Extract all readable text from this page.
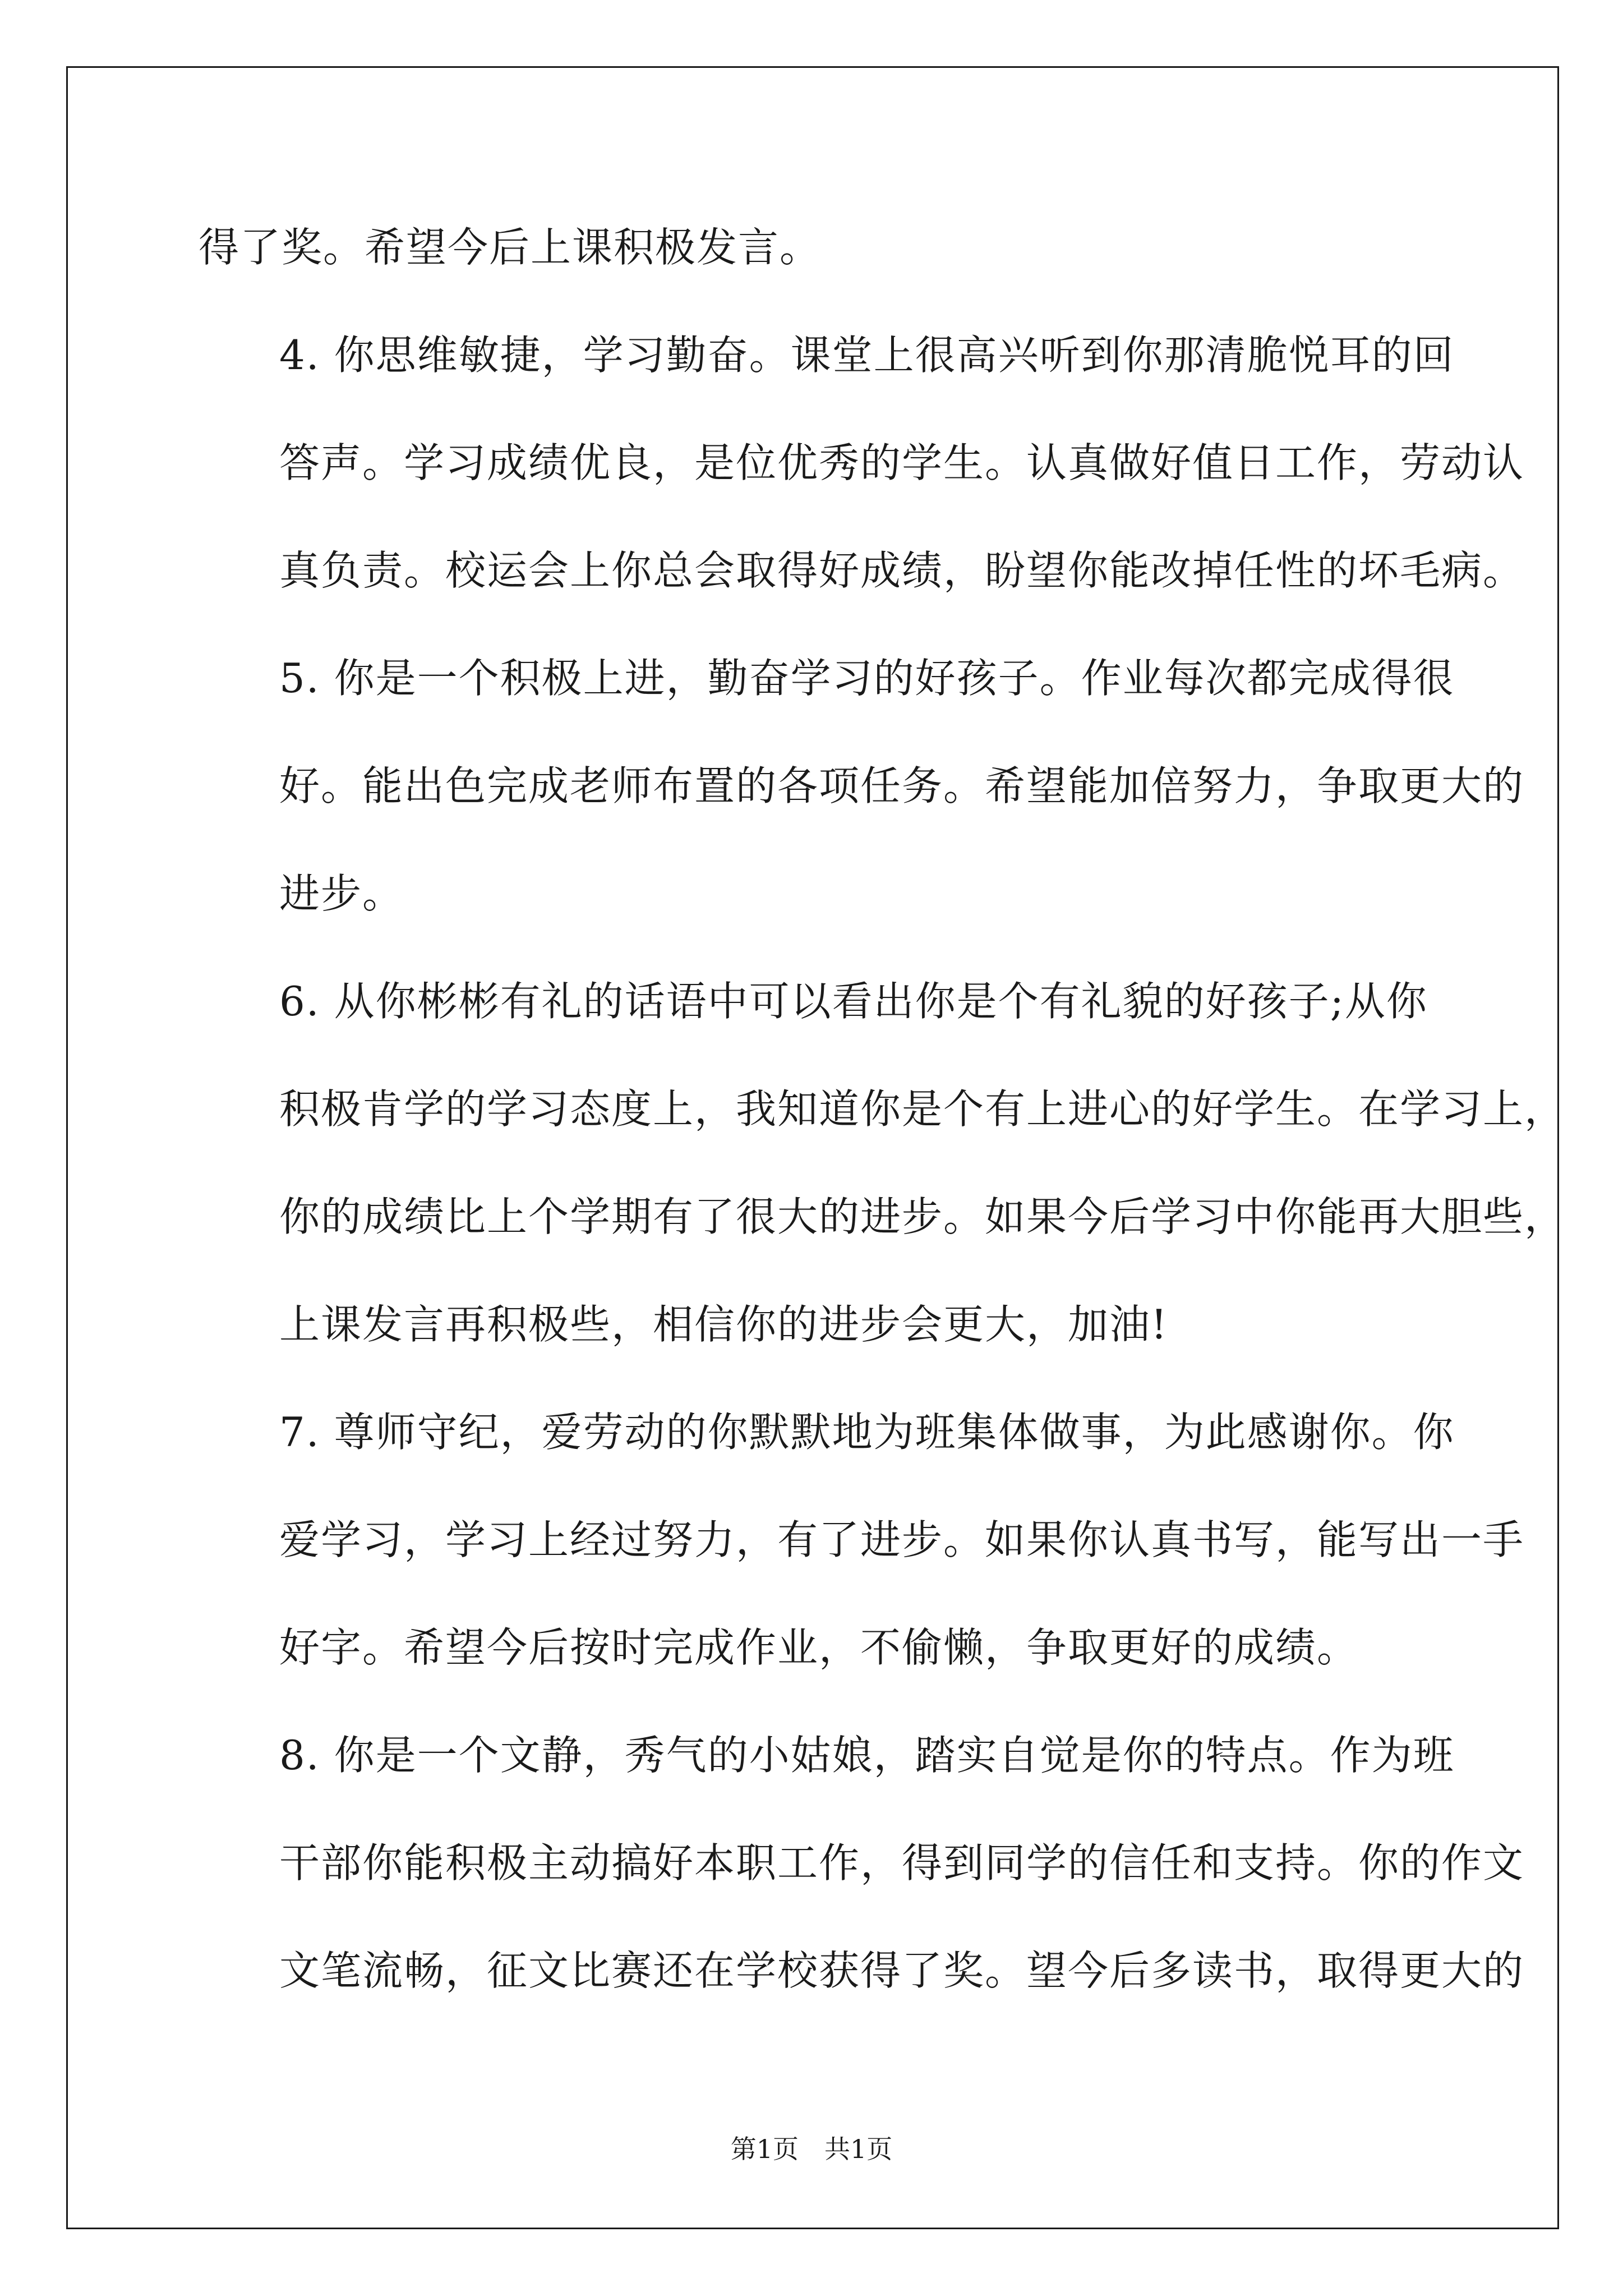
得了奖。希望今后上课积极发言。

4. 你思维敏捷，学习勤奋。课堂上很高兴听到你那清脆悦耳的回
答声。学习成绩优良，是位优秀的学生。认真做好值日工作，劳动认
真负责。校运会上你总会取得好成绩，盼望你能改掉任性的坏毛病。

5. 你是一个积极上进，勤奋学习的好孩子。作业每次都完成得很
好。能出色完成老师布置的各项任务。希望能加倍努力，争取更大的
进步。

6. 从你彬彬有礼的话语中可以看出你是个有礼貌的好孩子;从你
积极肯学的学习态度上，我知道你是个有上进心的好学生。在学习上，
你的成绩比上个学期有了很大的进步。如果今后学习中你能再大胆些，
上课发言再积极些，相信你的进步会更大，加油!

7. 尊师守纪，爱劳动的你默默地为班集体做事，为此感谢你。你
爱学习，学习上经过努力，有了进步。如果你认真书写，能写出一手
好字。希望今后按时完成作业，不偷懒，争取更好的成绩。

8. 你是一个文静，秀气的小姑娘，踏实自觉是你的特点。作为班
干部你能积极主动搞好本职工作，得到同学的信任和支持。你的作文
文笔流畅，征文比赛还在学校获得了奖。望今后多读书，取得更大的

第1页　共1页
